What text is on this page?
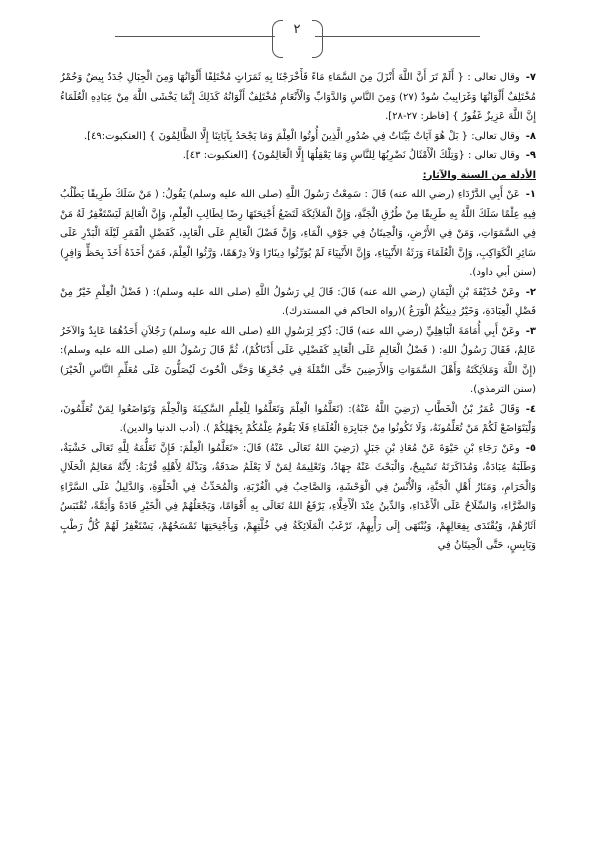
٢

٧-وقال تعالى : { أَلَمْ تَرَ أَنَّ اللَّهَ أَنْزَلَ مِنَ السَّمَاءِ مَاءً فَأَخْرَجْنَا بِهِ ثَمَرَاتٍ مُخْتَلِفًا أَلْوَانُهَا وَمِنَ الْجِبَالِ جُدَدٌ بِيضٌ وَحُمْرٌ مُخْتَلِفٌ أَلْوَانُهَا وَغَرَابِيبُ سُودٌ (٢٧) وَمِنَ النَّاسِ وَالدَّوَابِّ وَالْأَنْعَامِ مُخْتَلِفٌ أَلْوَانُهُ كَذَلِكَ إِنَّمَا يَخْشَى اللَّهَ مِنْ عِبَادِهِ الْعُلَمَاءُ إِنَّ اللَّهَ عَزِيزٌ غَفُورٌ } [فاطر: ٢٧-٢٨].

٨-وقال تعالى: { بَلْ هُوَ آيَاتٌ بَيِّنَاتٌ فِي صُدُورِ الَّذِينَ أُوتُوا الْعِلْمَ وَمَا يَجْحَدُ بِآيَاتِنَا إِلَّا الظَّالِمُونَ } [العنكبوت:٤٩].

٩-وقال تعالى : {وَتِلْكَ الْأَمْثَالُ نَضْرِبُهَا لِلنَّاسِ وَمَا يَعْقِلُهَا إِلَّا الْعَالِمُونَ} [العنكبوت: ٤٣].

الأدلة من السنة والآثار:

١-عَنْ أَبِي الدَّرْدَاءِ (رضي الله عنه) قَالَ : سَمِعْتُ رَسُولَ اللَّهِ (صلى الله عليه وسلم) يَقُولُ: ( مَنْ سَلَكَ طَرِيقًا يَطْلُبُ فِيهِ عِلْمًا سَلَكَ اللَّهُ بِهِ طَرِيقًا مِنْ طُرُقِ الْجَنَّةِ، وَإِنَّ الْمَلاَئِكَةَ لَتَضَعُ أَجْنِحَتَهَا رِضًا لِطَالِبِ الْعِلْمِ، وَإِنَّ الْعَالِمَ لَيَسْتَغْفِرُ لَهُ مَنْ فِي السَّمَوَاتِ، وَمَنْ فِي الأَرْضِ، وَالْحِيتَانُ فِي جَوْفِ الْمَاءِ، وَإِنَّ فَضْلَ الْعَالِمِ عَلَى الْعَابِدِ، كَفَضْلِ الْقَمَرِ لَيْلَةَ الْبَدْرِ عَلَى سَائِرِ الْكَوَاكِبِ، وَإِنَّ الْعُلَمَاءَ وَرَثَةُ الأَنْبِيَاءِ، وَإِنَّ الأَنْبِيَاءَ لَمْ يُوَرِّثُوا دِينَارًا وَلاَ دِرْهَمًا، وَرَّثُوا الْعِلْمَ، فَمَنْ أَخَذَهُ أَخَذَ بِحَظٍّ وَافِرٍ) (سنن أبي داود).

٢-وعَنْ حُذَيْفَةَ بْنِ الْيَمَانِ (رضي الله عنه) قَالَ: قَالَ لِي رَسُولُ اللَّهِ (صلى الله عليه وسلم): ( فَضْلُ الْعِلْمِ خَيْرٌ مِنْ فَضْلِ الْعِبَادَةِ، وَخَيْرُ دِينِكُمُ الْوَرَعُ )(رواه الحاكم في المستدرك).

٣-وعَنْ أَبِي أُمَامَةَ الْبَاهِلِيِّ (رضي الله عنه) قَالَ: ذُكِرَ لِرَسُولِ اللهِ (صلى الله عليه وسلم) رَجُلاَنِ أَحَدُهُمَا عَابِدٌ وَالآخَرُ عَالِمٌ، فَقَالَ رَسُولُ اللهِ: ( فَضْلُ الْعَالِمِ عَلَى الْعَابِدِ كَفَضْلِي عَلَى أَدْنَاكُمْ)، ثُمَّ قَالَ رَسُولُ اللهِ (صلى الله عليه وسلم): (إِنَّ اللَّهَ وَمَلاَئِكَتَهُ وَأَهْلَ السَّمَوَاتِ وَالأَرَضِينَ حَتَّى النَّمْلَةَ فِي جُحْرِهَا وَحَتَّى الْحُوتَ لَيُصَلُّونَ عَلَى مُعَلِّمِ النَّاسِ الْخَيْرَ)(سنن الترمذي).

٤-وَقَالَ عُمَرُ بْنُ الْخَطَّابِ (رَضِيَ اللَّهُ عَنْهُ): (تَعَلَّمُوا الْعِلْمَ وَتَعَلَّمُوا لِلْعِلْمِ السَّكِينَةَ وَالْحِلْمَ وَتَوَاضَعُوا لِمَنْ تُعَلِّمُونَ، وَلْيَتَوَاضَعْ لَكُمْ مَنْ تُعَلِّمُونَهُ، وَلَا تَكُونُوا مِنْ جَبَابِرَةِ الْعُلَمَاءِ فَلَا يَقُومُ عِلْمُكُمْ بِجَهْلِكُمْ ). (أدب الدنيا والدين).

٥-وعَنْ رَجَاءِ بْنِ حَيْوَةَ عَنْ مُعَاذِ بْنِ جَبَلٍ (رَضِيَ اللهُ تَعَالَى عَنْهُ) قَالَ: «تَعَلَّمُوا الْعِلْمَ: فَإِنَّ تَعَلُّمَهُ لِلَّهِ تَعَالَى خَشْيَةٌ، وَطَلَبَهُ عِبَادَةٌ، وَمُذَاكَرَتَهُ تَسْبِيحٌ، وَالْبَحْثَ عَنْهُ جِهَادٌ، وَتَعْلِيمَهُ لِمَنْ لَا يَعْلَمُ صَدَقَةٌ، وَبَذْلَهُ لِأَهْلِهِ قُرْبَةٌ: لِأَنَّهُ مَعَالِمُ الْحَلَالِ وَالْحَرَامِ، وَمَنَارُ أَهْلِ الْجَنَّةِ، وَالْأُنْسُ فِي الْوَحْشَةِ، وَالصَّاحِبُ فِي الْغُرْبَةِ، وَالْمُحَدِّثُ فِي الْخَلْوَةِ، وَالدَّلِيلُ عَلَى السَّرَّاءِ وَالضَّرَّاءِ، وَالسِّلَاحُ عَلَى الْأَعْدَاءِ، وَالدِّينُ عِنْدَ الْأَخِلَّاءِ، يَرْفَعُ اللهُ تَعَالَى بِهِ أَقْوَامًا، وَيَجْعَلُهُمْ فِي الْخَيْرِ قَادَةً وَأَئِمَّةً، تُقْتَبَسُ آثَارُهُمْ، وَيُقْتَدَى بِفِعَالِهِمْ، وَيُنْتَهَى إِلَى رَأْيِهِمْ، تَرْغَبُ الْمَلَائِكَةُ فِي خُلَّتِهِمْ، وَبِأَجْنِحَتِهَا تَمْسَحُهُمْ، يَسْتَغْفِرُ لَهُمْ كُلُّ رَطْبٍ وَيَابِسٍ، حَتَّى الْحِيتَانُ فِي
